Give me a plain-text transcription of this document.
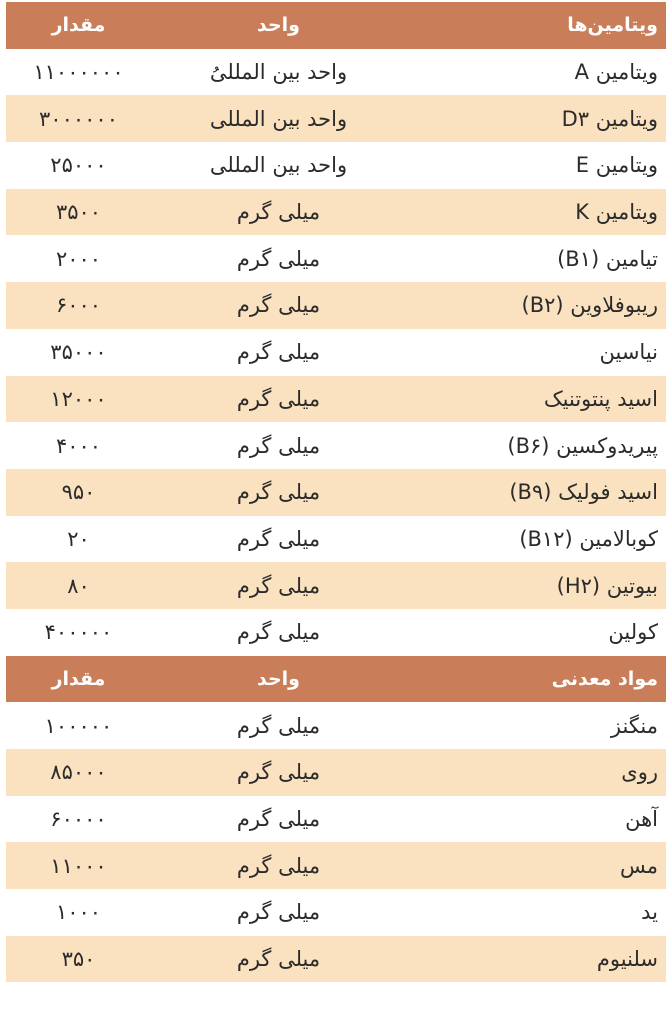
ویتامین‌ها
واحد
مقدار
ویتامین A
واحد بین المللیُ
۱۱۰۰۰۰۰۰
ویتامین D۳
واحد بین المللی
۳۰۰۰۰۰۰
ویتامین E
واحد بین المللی
۲۵۰۰۰
ویتامین K
میلی گرم
۳۵۰۰
تیامین (B۱)
میلی گرم
۲۰۰۰
ریبوفلاوین (B۲)
میلی گرم
۶۰۰۰
نیاسین
میلی گرم
۳۵۰۰۰
اسید پنتوتنیک
میلی گرم
۱۲۰۰۰
پیریدوکسین (B۶)
میلی گرم
۴۰۰۰
اسید فولیک (B۹)
میلی گرم
۹۵۰
کوبالامین (B۱۲)
میلی گرم
۲۰
بیوتین (H۲)
میلی گرم
۸۰
کولین
میلی گرم
۴۰۰۰۰۰
مواد معدنی
واحد
مقدار
منگنز
میلی گرم
۱۰۰۰۰۰
روی
میلی گرم
۸۵۰۰۰
آهن
میلی گرم
۶۰۰۰۰
مس
میلی گرم
۱۱۰۰۰
ید
میلی گرم
۱۰۰۰
سلنیوم
میلی گرم
۳۵۰
